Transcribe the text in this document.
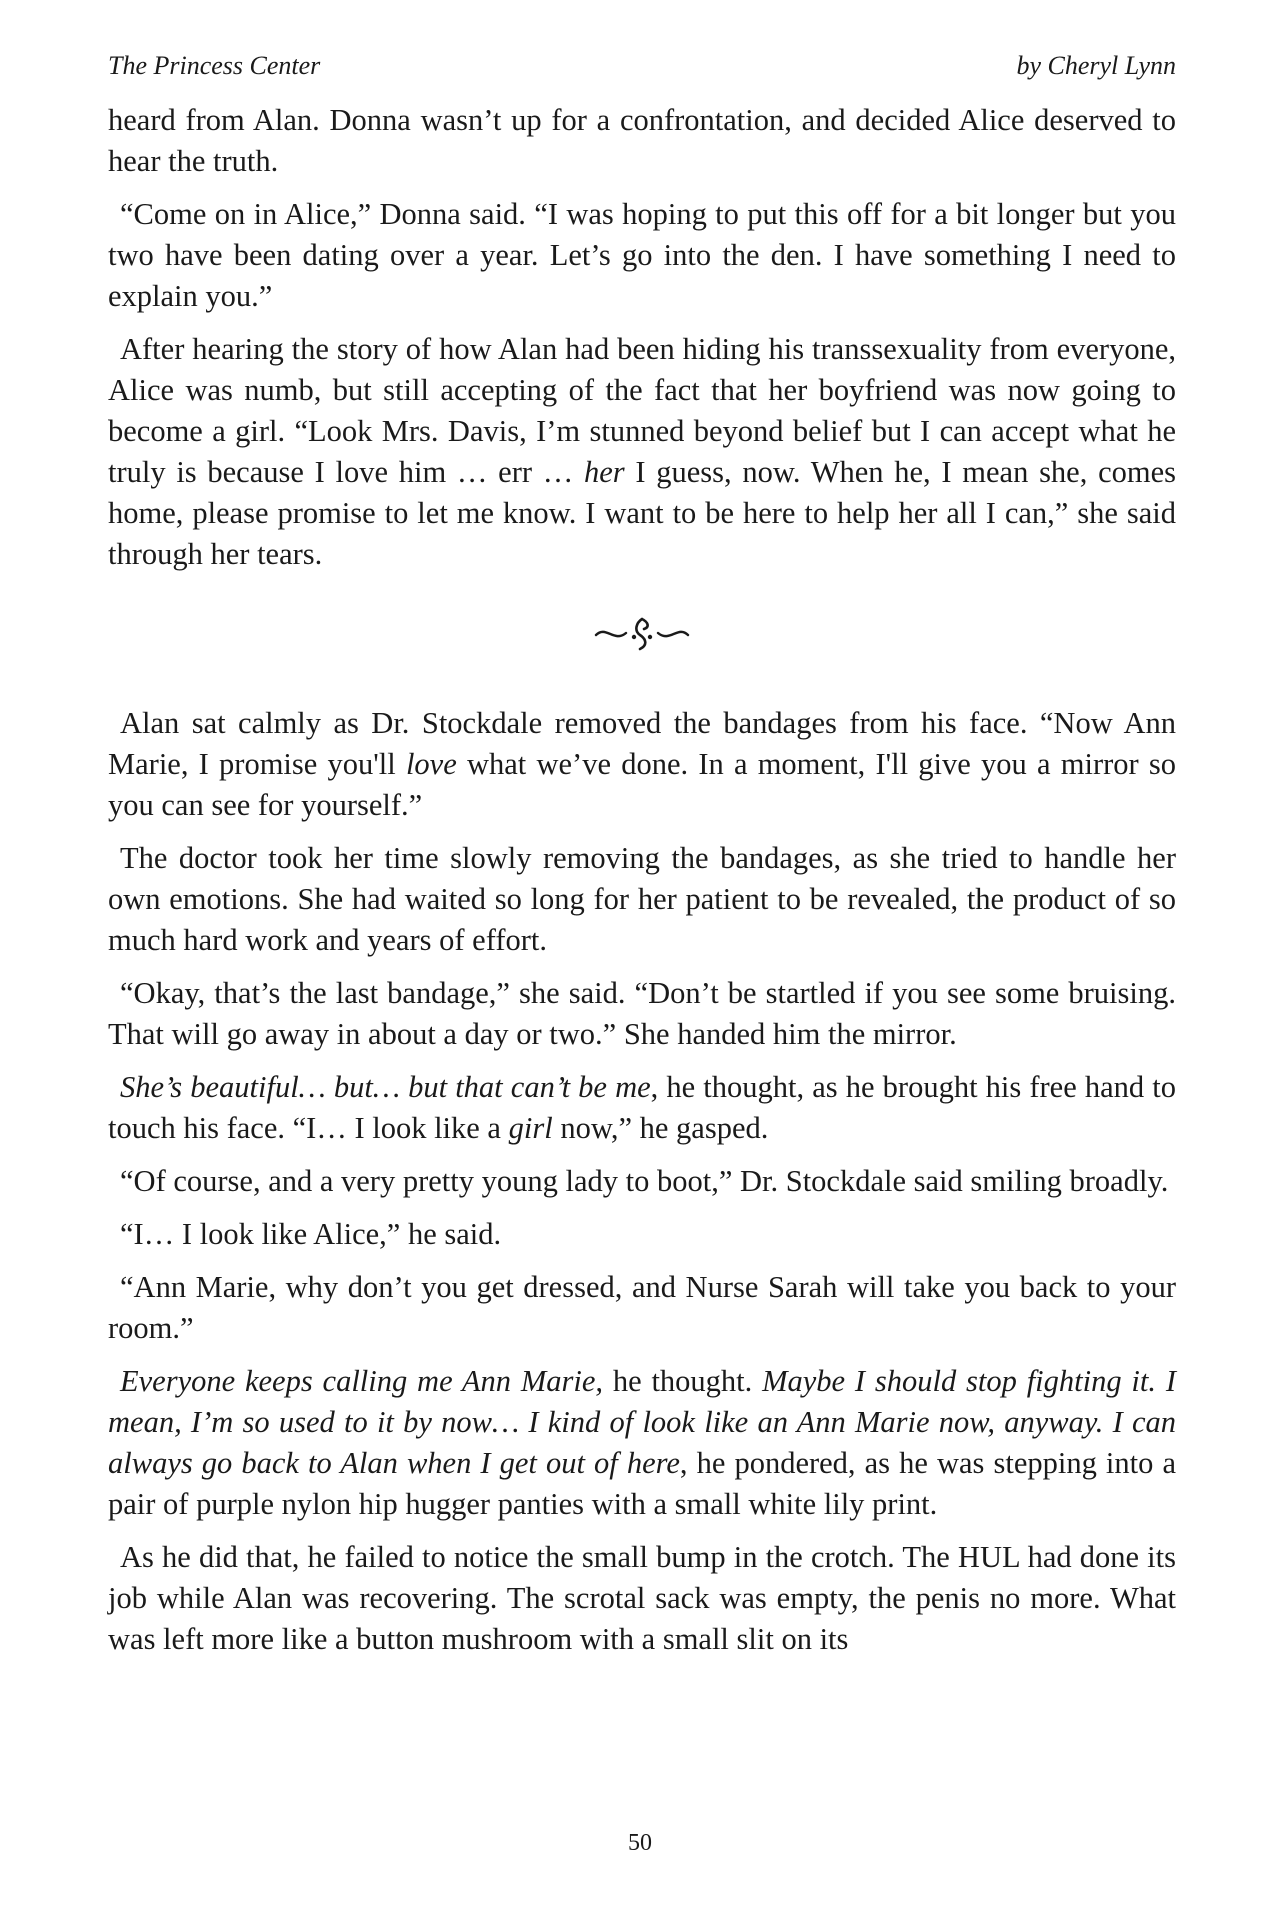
The Princess Center	by Cheryl Lynn

heard from Alan. Donna wasn’t up for a confrontation, and decided Alice deserved to hear the truth.

“Come on in Alice,” Donna said. “I was hoping to put this off for a bit longer but you two have been dating over a year. Let’s go into the den. I have something I need to explain you.”

After hearing the story of how Alan had been hiding his transsexuality from everyone, Alice was numb, but still accepting of the fact that her boyfriend was now going to become a girl. “Look Mrs. Davis, I’m stunned beyond belief but I can accept what he truly is because I love him … err … her I guess, now. When he, I mean she, comes home, please promise to let me know. I want to be here to help her all I can,” she said through her tears.

Alan sat calmly as Dr. Stockdale removed the bandages from his face. “Now Ann Marie, I promise you'll love what we’ve done. In a moment, I'll give you a mirror so you can see for yourself.”

The doctor took her time slowly removing the bandages, as she tried to handle her own emotions. She had waited so long for her patient to be revealed, the product of so much hard work and years of effort.

“Okay, that’s the last bandage,” she said. “Don’t be startled if you see some bruising. That will go away in about a day or two.” She handed him the mirror.

She’s beautiful… but… but that can’t be me, he thought, as he brought his free hand to touch his face. “I… I look like a girl now,” he gasped.

“Of course, and a very pretty young lady to boot,” Dr. Stockdale said smiling broadly.

“I… I look like Alice,” he said.

“Ann Marie, why don’t you get dressed, and Nurse Sarah will take you back to your room.”

Everyone keeps calling me Ann Marie, he thought. Maybe I should stop fighting it. I mean, I’m so used to it by now… I kind of look like an Ann Marie now, anyway. I can always go back to Alan when I get out of here, he pondered, as he was stepping into a pair of purple nylon hip hugger panties with a small white lily print.

As he did that, he failed to notice the small bump in the crotch. The HUL had done its job while Alan was recovering. The scrotal sack was empty, the penis no more. What was left more like a button mushroom with a small slit on its

50
